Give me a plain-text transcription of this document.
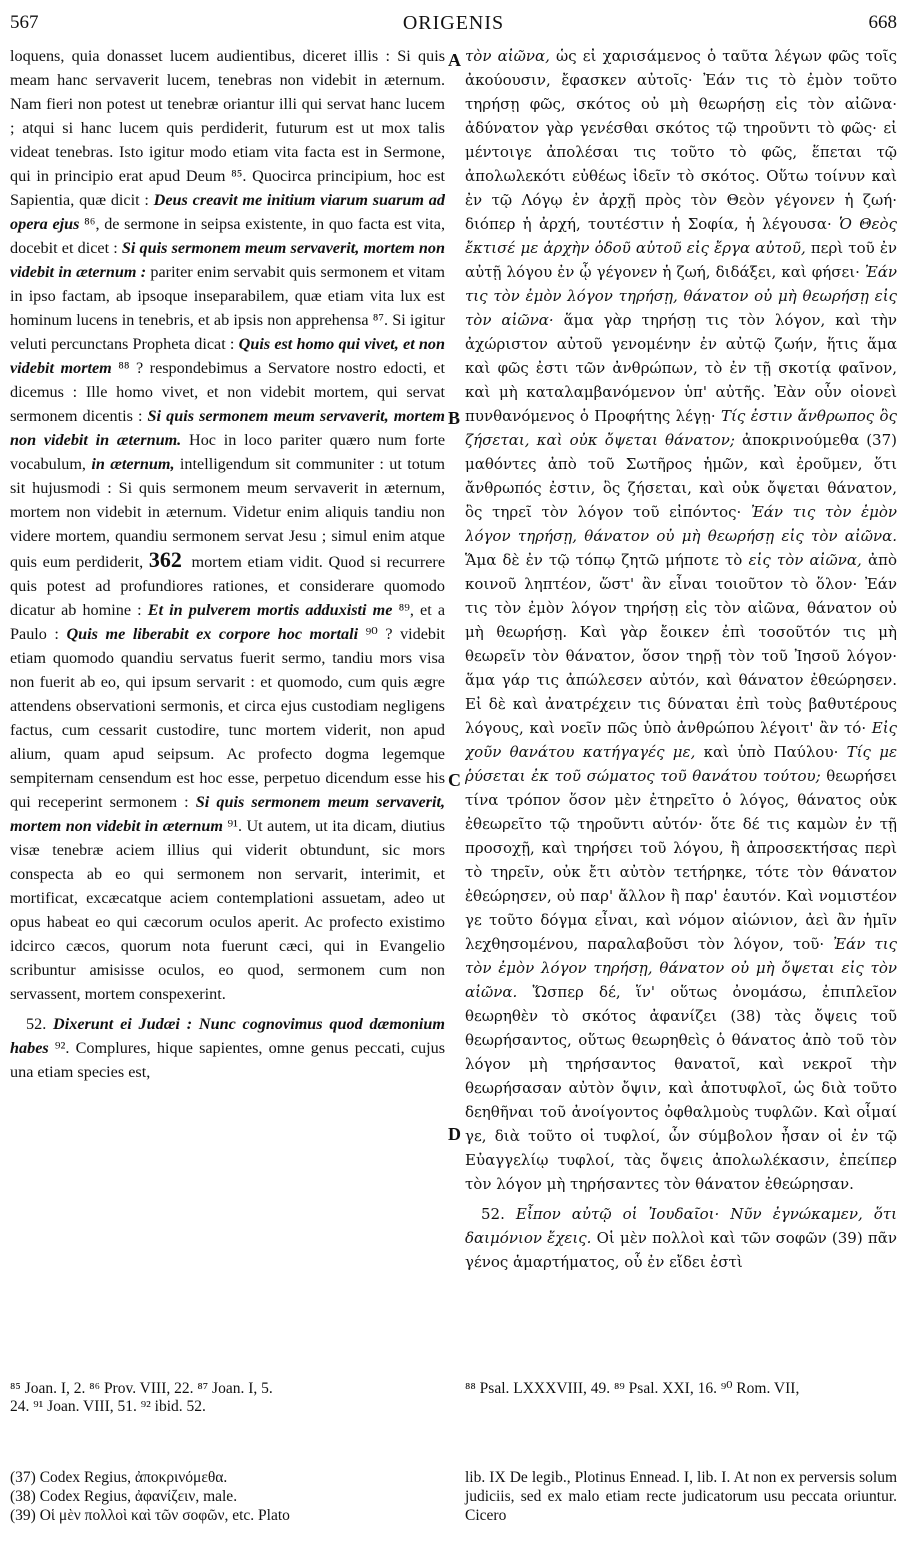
567	ORIGENIS	668

loquens, quia donasset lucem audientibus, diceret illis : Si quis meam hanc servaverit lucem, tenebras non videbit in æternum. Nam fieri non potest ut tenebræ oriantur illi qui servat hanc lucem ; atqui si hanc lucem quis perdiderit, futurum est ut mox talis videat tenebras. Isto igitur modo etiam vita facta est in Sermone, qui in principio erat apud Deum ⁸⁵. Quocirca principium, hoc est Sapientia, quæ dicit : Deus creavit me initium viarum suarum ad opera ejus ⁸⁶, de sermone in seipsa existente, in quo facta est vita, docebit et dicet : Si quis sermonem meum servaverit, mortem non videbit in æternum : pariter enim servabit quis sermonem et vitam in ipso factam, ab ipsoque inseparabilem, quæ etiam vita lux est hominum lucens in tenebris, et ab ipsis non apprehensa ⁸⁷. Si igitur veluti percunctans Propheta dicat : Quis est homo qui vivet, et non videbit mortem ⁸⁸ ? respondebimus a Servatore nostro edocti, et dicemus : Ille homo vivet, et non videbit mortem, qui servat sermonem dicentis : Si quis sermonem meum servaverit, mortem non videbit in æternum. Hoc in loco pariter quæro num forte vocabulum, in æternum, intelligendum sit communiter : ut totum sit hujusmodi : Si quis sermonem meum servaverit in æternum, mortem non videbit in æternum. Videtur enim aliquis tandiu non videre mortem, quandiu sermonem servat Jesu ; simul enim atque quis eum perdiderit, 362 mortem etiam vidit. Quod si recurrere quis potest ad profundiores rationes, et considerare quomodo dicatur ab homine : Et in pulverem mortis adduxisti me ⁸⁹, et a Paulo : Quis me liberabit ex corpore hoc mortali ⁹⁰ ? videbit etiam quomodo quandiu servatus fuerit sermo, tandiu mors visa non fuerit ab eo, qui ipsum servarit : et quomodo, cum quis ægre attendens observationi sermonis, et circa ejus custodiam negligens factus, cum cessarit custodire, tunc mortem viderit, non apud alium, quam apud seipsum. Ac profecto dogma legemque sempiternam censendum est hoc esse, perpetuo dicendum esse his qui receperint sermonem : Si quis sermonem meum servaverit, mortem non videbit in æternum ⁹¹. Ut autem, ut ita dicam, diutius visæ tenebræ aciem illius qui viderit obtundunt, sic mors conspecta ab eo qui sermonem non servarit, interimit, et mortificat, excæcatque aciem contemplationi assuetam, adeo ut opus habeat eo qui cæcorum oculos aperit. Ac profecto existimo idcirco cæcos, quorum nota fuerunt cæci, qui in Evangelio scribuntur amisisse oculos, eo quod, sermonem cum non servassent, mortem conspexerint.

52. Dixerunt ei Judæi : Nunc cognovimus quod dæmonium habes ⁹². Complures, hique sapientes, omne genus peccati, cujus una etiam species est,

A
B
C
D

τὸν αἰῶνα, ὡς εἰ χαρισάμενος ὁ ταῦτα λέγων φῶς τοῖς ἀκούουσιν, ἔφασκεν αὐτοῖς· Ἐάν τις τὸ ἐμὸν τοῦτο τηρήσῃ φῶς, σκότος οὐ μὴ θεωρήσῃ εἰς τὸν αἰῶνα· ἀδύνατον γὰρ γενέσθαι σκότος τῷ τηροῦντι τὸ φῶς· εἰ μέντοιγε ἀπολέσαι τις τοῦτο τὸ φῶς, ἕπεται τῷ ἀπολωλεκότι εὐθέως ἰδεῖν τὸ σκότος. Οὕτω τοίνυν καὶ ἐν τῷ Λόγῳ ἐν ἀρχῇ πρὸς τὸν Θεὸν γέγονεν ἡ ζωή· διόπερ ἡ ἀρχή, τουτέστιν ἡ Σοφία, ἡ λέγουσα· Ὁ Θεὸς ἔκτισέ με ἀρχὴν ὁδοῦ αὐτοῦ εἰς ἔργα αὐτοῦ, περὶ τοῦ ἐν αὐτῇ λόγου ἐν ᾧ γέγονεν ἡ ζωή, διδάξει, καὶ φήσει· Ἐάν τις τὸν ἐμὸν λόγον τηρήσῃ, θάνατον οὐ μὴ θεωρήσῃ εἰς τὸν αἰῶνα· ἅμα γὰρ τηρήσῃ τις τὸν λόγον, καὶ τὴν ἀχώριστον αὐτοῦ γενομένην ἐν αὐτῷ ζωήν, ἥτις ἅμα καὶ φῶς ἐστι τῶν ἀνθρώπων, τὸ ἐν τῇ σκοτίᾳ φαῖνον, καὶ μὴ καταλαμβανόμενον ὑπ' αὐτῆς. Ἐὰν οὖν οἱονεὶ πυνθανόμενος ὁ Προφήτης λέγῃ· Τίς ἐστιν ἄνθρωπος ὃς ζήσεται, καὶ οὐκ ὄψεται θάνατον; ἀποκρινούμεθα (37) μαθόντες ἀπὸ τοῦ Σωτῆρος ἡμῶν, καὶ ἐροῦμεν, ὅτι ἄνθρωπός ἐστιν, ὃς ζήσεται, καὶ οὐκ ὄψεται θάνατον, ὃς τηρεῖ τὸν λόγον τοῦ εἰπόντος· Ἐάν τις τὸν ἐμὸν λόγον τηρήσῃ, θάνατον οὐ μὴ θεωρήσῃ εἰς τὸν αἰῶνα. Ἅμα δὲ ἐν τῷ τόπῳ ζητῶ μήποτε τὸ εἰς τὸν αἰῶνα, ἀπὸ κοινοῦ ληπτέον, ὥστ' ἂν εἶναι τοιοῦτον τὸ ὅλον· Ἐάν τις τὸν ἐμὸν λόγον τηρήσῃ εἰς τὸν αἰῶνα, θάνατον οὐ μὴ θεωρήσῃ. Καὶ γὰρ ἔοικεν ἐπὶ τοσοῦτόν τις μὴ θεωρεῖν τὸν θάνατον, ὅσον τηρῇ τὸν τοῦ Ἰησοῦ λόγον· ἅμα γάρ τις ἀπώλεσεν αὐτόν, καὶ θάνατον ἐθεώρησεν. Εἰ δὲ καὶ ἀνατρέχειν τις δύναται ἐπὶ τοὺς βαθυτέρους λόγους, καὶ νοεῖν πῶς ὑπὸ ἀνθρώπου λέγοιτ' ἂν τό· Εἰς χοῦν θανάτου κατήγαγές με, καὶ ὑπὸ Παύλου· Τίς με ῥύσεται ἐκ τοῦ σώματος τοῦ θανάτου τούτου; θεωρήσει τίνα τρόπον ὅσον μὲν ἐτηρεῖτο ὁ λόγος, θάνατος οὐκ ἐθεωρεῖτο τῷ τηροῦντι αὐτόν· ὅτε δέ τις καμὼν ἐν τῇ προσοχῇ, καὶ τηρήσει τοῦ λόγου, ἢ ἀπροσεκτήσας περὶ τὸ τηρεῖν, οὐκ ἔτι αὐτὸν τετήρηκε, τότε τὸν θάνατον ἐθεώρησεν, οὐ παρ' ἄλλον ἢ παρ' ἑαυτόν. Καὶ νομιστέον γε τοῦτο δόγμα εἶναι, καὶ νόμον αἰώνιον, ἀεὶ ἂν ἡμῖν λεχθησομένου, παραλαβοῦσι τὸν λόγον, τοῦ· Ἐάν τις τὸν ἐμὸν λόγον τηρήσῃ, θάνατον οὐ μὴ ὄψεται εἰς τὸν αἰῶνα. Ὥσπερ δέ, ἵν' οὕτως ὀνομάσω, ἐπιπλεῖον θεωρηθὲν τὸ σκότος ἀφανίζει (38) τὰς ὄψεις τοῦ θεωρήσαντος, οὕτως θεωρηθεὶς ὁ θάνατος ἀπὸ τοῦ τὸν λόγον μὴ τηρήσαντος θανατοῖ, καὶ νεκροῖ τὴν θεωρήσασαν αὐτὸν ὄψιν, καὶ ἀποτυφλοῖ, ὡς διὰ τοῦτο δεηθῆναι τοῦ ἀνοίγοντος ὀφθαλμοὺς τυφλῶν. Καὶ οἶμαί γε, διὰ τοῦτο οἱ τυφλοί, ὧν σύμβολον ἦσαν οἱ ἐν τῷ Εὐαγγελίῳ τυφλοί, τὰς ὄψεις ἀπολωλέκασιν, ἐπείπερ τὸν λόγον μὴ τηρήσαντες τὸν θάνατον ἐθεώρησαν.

52. Εἶπον αὐτῷ οἱ Ἰουδαῖοι· Νῦν ἐγνώκαμεν, ὅτι δαιμόνιον ἔχεις. Οἱ μὲν πολλοὶ καὶ τῶν σοφῶν (39) πᾶν γένος ἁμαρτήματος, οὗ ἐν εἴδει ἐστὶ

⁸⁵ Joan. I, 2. ⁸⁶ Prov. VIII, 22. ⁸⁷ Joan. I, 5.
24. ⁹¹ Joan. VIII, 51. ⁹² ibid. 52.
⁸⁸ Psal. LXXXVIII, 49. ⁸⁹ Psal. XXI, 16. ⁹⁰ Rom. VII,
(37) Codex Regius, ἀποκρινόμεθα.
(38) Codex Regius, ἀφανίζειν, male.
(39) Οἱ μὲν πολλοὶ καὶ τῶν σοφῶν, etc. Plato
lib. IX De legib., Plotinus Ennead. I, lib. I. At non ex perversis solum judiciis, sed ex malo etiam recte judicatorum usu peccata oriuntur. Cicero
